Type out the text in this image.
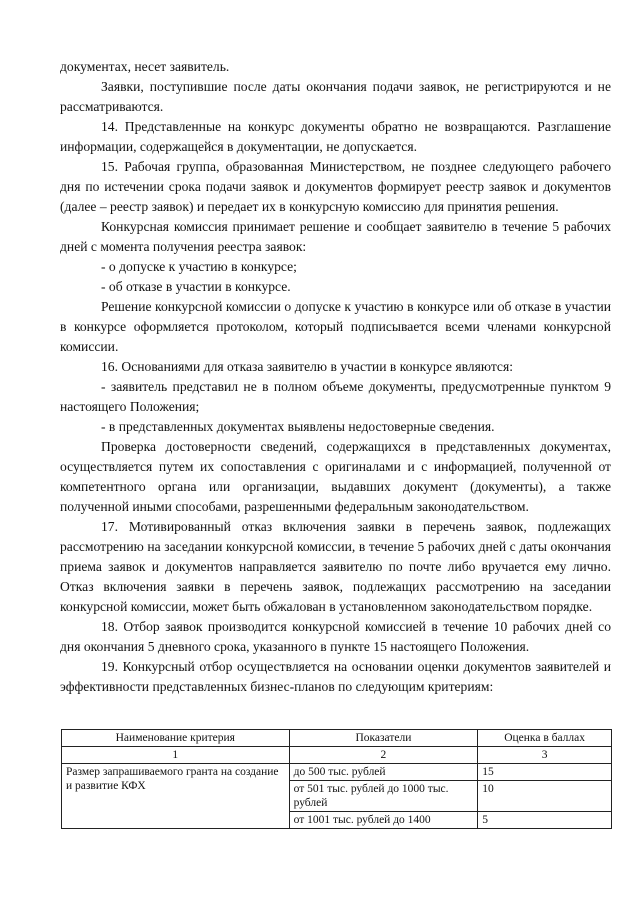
документах, несет заявитель.

Заявки, поступившие после даты окончания подачи заявок, не регистрируются и не рассматриваются.

14. Представленные на конкурс документы обратно не возвращаются. Разглашение информации, содержащейся в документации, не допускается.

15. Рабочая группа, образованная Министерством, не позднее следующего рабочего дня по истечении срока подачи заявок и документов формирует реестр заявок и документов (далее – реестр заявок) и передает их в конкурсную комиссию для принятия решения.

Конкурсная комиссия принимает решение и сообщает заявителю в течение 5 рабочих дней с момента получения реестра заявок:

- о допуске к участию в конкурсе;

- об отказе в участии в конкурсе.

Решение конкурсной комиссии о допуске к участию в конкурсе или об отказе в участии в конкурсе оформляется протоколом, который подписывается всеми членами конкурсной комиссии.

16. Основаниями для отказа заявителю в участии в конкурсе являются:

- заявитель представил не в полном объеме документы, предусмотренные пунктом 9 настоящего Положения;

- в представленных документах выявлены недостоверные сведения.

Проверка достоверности сведений, содержащихся в представленных документах, осуществляется путем их сопоставления с оригиналами и с информацией, полученной от компетентного органа или организации, выдавших документ (документы), а также полученной иными способами, разрешенными федеральным законодательством.

17. Мотивированный отказ включения заявки в перечень заявок, подлежащих рассмотрению на заседании конкурсной комиссии, в течение 5 рабочих дней с даты окончания приема заявок и документов направляется заявителю по почте либо вручается ему лично. Отказ включения заявки в перечень заявок, подлежащих рассмотрению на заседании конкурсной комиссии, может быть обжалован в установленном законодательством порядке.

18. Отбор заявок производится конкурсной комиссией в течение 10 рабочих дней со дня окончания 5 дневного срока, указанного в пункте 15 настоящего Положения.

19. Конкурсный отбор осуществляется на основании оценки документов заявителей и эффективности представленных бизнес-планов по следующим критериям:

Наименование критерия	Показатели	Оценка в баллах
1	2	3
Размер запрашиваемого гранта на создание и развитие КФХ	до 500 тыс. рублей	15
	от 501 тыс. рублей до 1000 тыс. рублей	10
	от 1001 тыс. рублей до 1400	5
